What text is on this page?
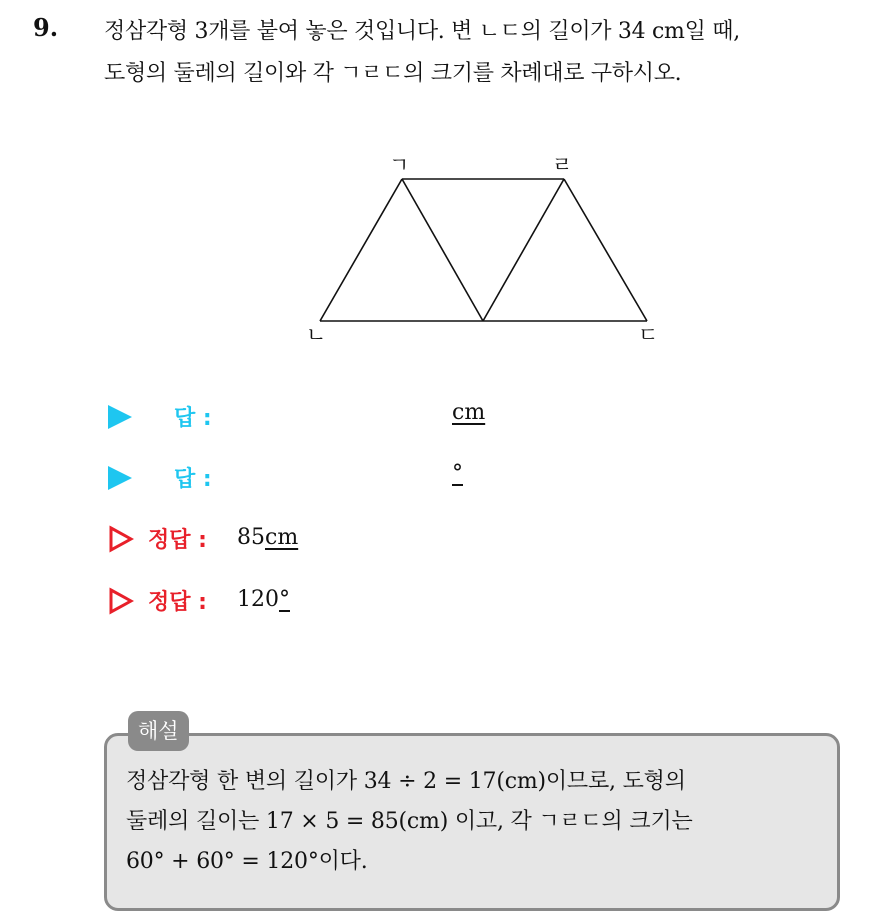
9. 정삼각형 3개를 붙여 놓은 것입니다. 변 ㄴㄷ의 길이가 34 cm일 때,
도형의 둘레의 길이와 각 ㄱㄹㄷ의 크기를 차례대로 구하시오.
ㄱ	ㄹ
ㄴ	ㄷ
답 :	cm
답 :	°
정답 : 85cm
정답 : 120°
해설
정삼각형 한 변의 길이가 34 ÷ 2 = 17(cm)이므로, 도형의
둘레의 길이는 17 × 5 = 85(cm) 이고, 각 ㄱㄹㄷ의 크기는
60° + 60° = 120°이다.
